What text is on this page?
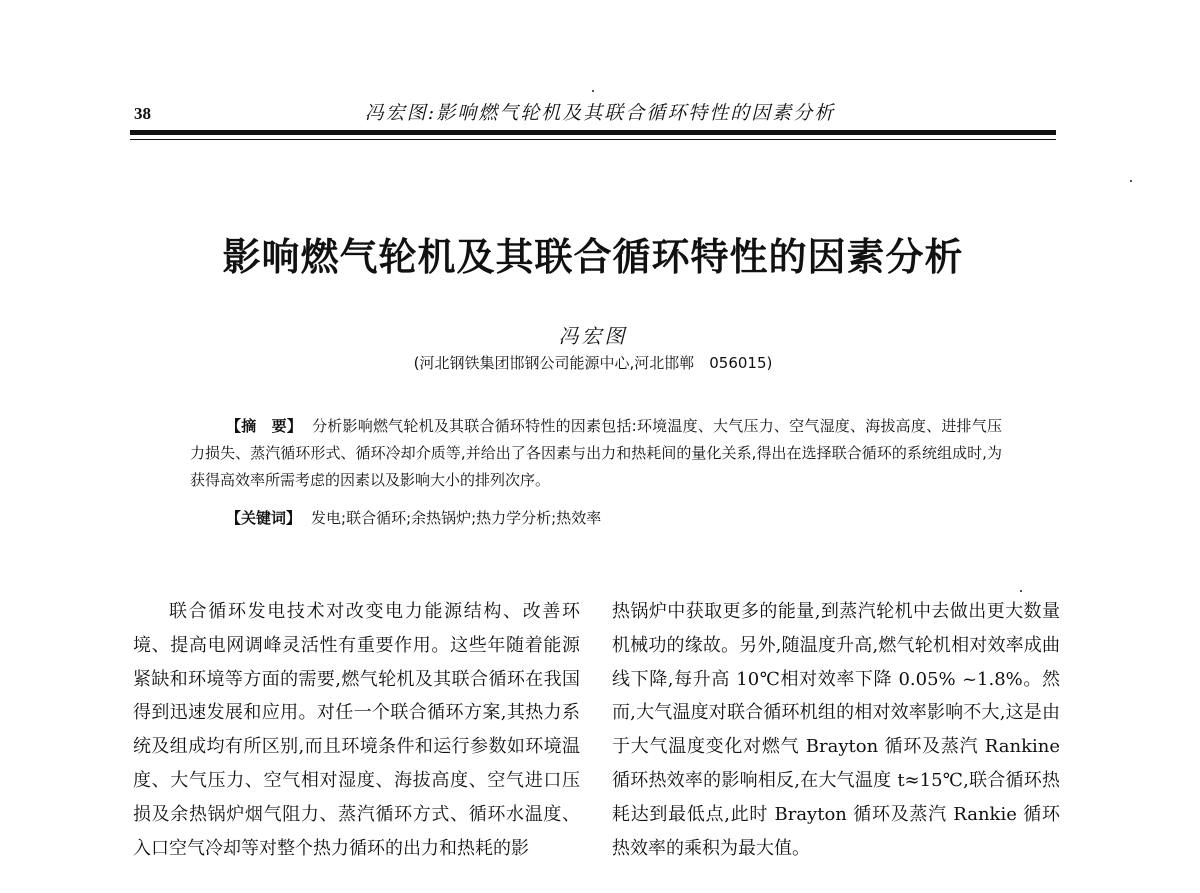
38	冯宏图:影响燃气轮机及其联合循环特性的因素分析
影响燃气轮机及其联合循环特性的因素分析
冯宏图
(河北钢铁集团邯钢公司能源中心,河北邯郸　056015)
【摘　要】 分析影响燃气轮机及其联合循环特性的因素包括:环境温度、大气压力、空气湿度、海拔高度、进排气压力损失、蒸汽循环形式、循环冷却介质等,并给出了各因素与出力和热耗间的量化关系,得出在选择联合循环的系统组成时,为获得高效率所需考虑的因素以及影响大小的排列次序。
【关键词】 发电;联合循环;余热锅炉;热力学分析;热效率
联合循环发电技术对改变电力能源结构、改善环境、提高电网调峰灵活性有重要作用。这些年随着能源紧缺和环境等方面的需要,燃气轮机及其联合循环在我国得到迅速发展和应用。对任一个联合循环方案,其热力系统及组成均有所区别,而且环境条件和运行参数如环境温度、大气压力、空气相对湿度、海拔高度、空气进口压损及余热锅炉烟气阻力、蒸汽循环方式、循环水温度、入口空气冷却等对整个热力循环的出力和热耗的影
热锅炉中获取更多的能量,到蒸汽轮机中去做出更大数量机械功的缘故。另外,随温度升高,燃气轮机相对效率成曲线下降,每升高 10℃相对效率下降 0.05% ~1.8%。然而,大气温度对联合循环机组的相对效率影响不大,这是由于大气温度变化对燃气 Brayton 循环及蒸汽 Rankine 循环热效率的影响相反,在大气温度 t≈15℃,联合循环热耗达到最低点,此时 Brayton 循环及蒸汽 Rankie 循环热效率的乘积为最大值。
